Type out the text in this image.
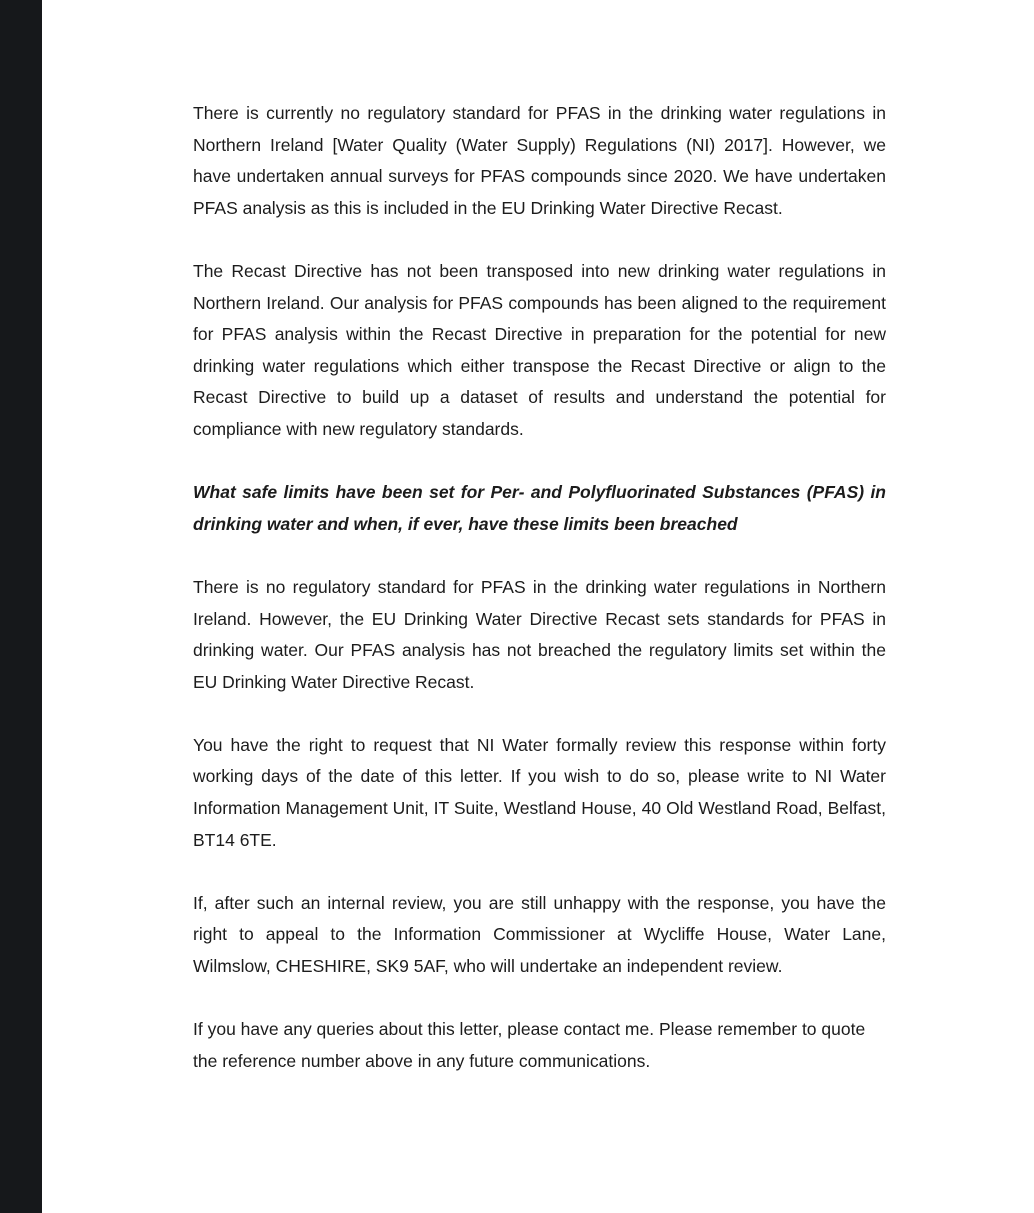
There is currently no regulatory standard for PFAS in the drinking water regulations in Northern Ireland [Water Quality (Water Supply) Regulations (NI) 2017]. However, we have undertaken annual surveys for PFAS compounds since 2020. We have undertaken PFAS analysis as this is included in the EU Drinking Water Directive Recast.

The Recast Directive has not been transposed into new drinking water regulations in Northern Ireland. Our analysis for PFAS compounds has been aligned to the requirement for PFAS analysis within the Recast Directive in preparation for the potential for new drinking water regulations which either transpose the Recast Directive or align to the Recast Directive to build up a dataset of results and understand the potential for compliance with new regulatory standards.

What safe limits have been set for Per- and Polyfluorinated Substances (PFAS) in drinking water and when, if ever, have these limits been breached

There is no regulatory standard for PFAS in the drinking water regulations in Northern Ireland. However, the EU Drinking Water Directive Recast sets standards for PFAS in drinking water. Our PFAS analysis has not breached the regulatory limits set within the EU Drinking Water Directive Recast.

You have the right to request that NI Water formally review this response within forty working days of the date of this letter. If you wish to do so, please write to NI Water Information Management Unit, IT Suite, Westland House, 40 Old Westland Road, Belfast, BT14 6TE.

If, after such an internal review, you are still unhappy with the response, you have the right to appeal to the Information Commissioner at Wycliffe House, Water Lane, Wilmslow, CHESHIRE, SK9 5AF, who will undertake an independent review.

If you have any queries about this letter, please contact me. Please remember to quote the reference number above in any future communications.
